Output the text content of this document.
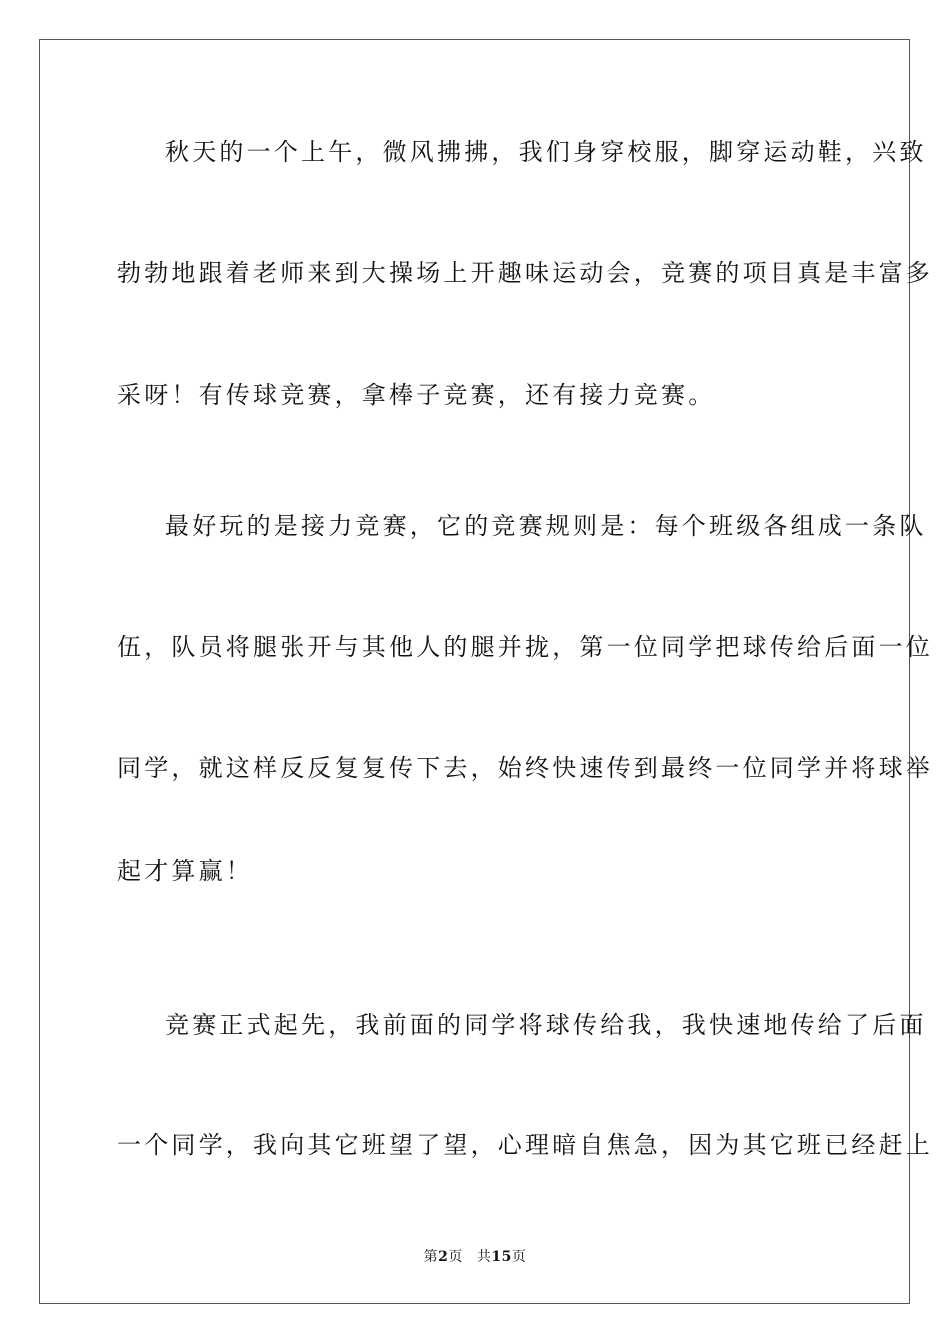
秋天的一个上午，微风拂拂，我们身穿校服，脚穿运动鞋，兴致
勃勃地跟着老师来到大操场上开趣味运动会，竞赛的项目真是丰富多
采呀！有传球竞赛，拿棒子竞赛，还有接力竞赛。
最好玩的是接力竞赛，它的竞赛规则是：每个班级各组成一条队
伍，队员将腿张开与其他人的腿并拢，第一位同学把球传给后面一位
同学，就这样反反复复传下去，始终快速传到最终一位同学并将球举
起才算赢！
竞赛正式起先，我前面的同学将球传给我，我快速地传给了后面
一个同学，我向其它班望了望，心理暗自焦急，因为其它班已经赶上
第2页 共15页
